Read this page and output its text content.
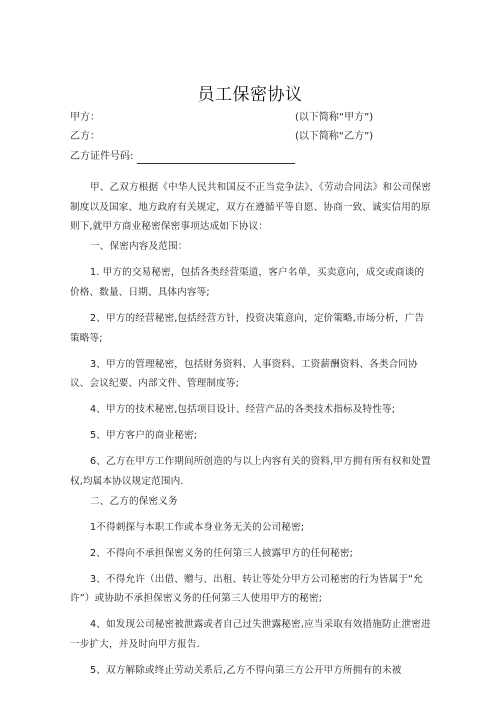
员工保密协议
甲方：	(以下简称“甲方”)
乙方：	(以下简称“乙方”)
乙方证件号码:

甲、乙双方根据《中华人民共和国反不正当竞争法》、《劳动合同法》和公司保密制度以及国家、地方政府有关规定，双方在遵循平等自愿、协商一致、诚实信用的原则下,就甲方商业秘密保密事项达成如下协议：

一、保密内容及范围：

1. 甲方的交易秘密，包括各类经营渠道，客户名单，买卖意向，成交或商谈的价格、数量、日期、具体内容等;

2、甲方的经营秘密,包括经营方针，投资决策意向，定价策略,市场分析，广告策略等;

3、甲方的管理秘密，包括财务资料、人事资料、工资薪酬资料、各类合同协议、会议纪要、内部文件、管理制度等;

4、甲方的技术秘密,包括项目设计、经营产品的各类技术指标及特性等;

5、甲方客户的商业秘密;

6、乙方在甲方工作期间所创造的与以上内容有关的资料,甲方拥有所有权和处置权,均属本协议规定范围内.

二、乙方的保密义务

1不得刺探与本职工作或本身业务无关的公司秘密;

2、不得向不承担保密义务的任何第三人披露甲方的任何秘密;

3、不得允许（出借、赠与、出租、转让等处分甲方公司秘密的行为皆属于“允许”）或协助不承担保密义务的任何第三人使用甲方的秘密;

4、如发现公司秘密被泄露或者自己过失泄露秘密,应当采取有效措施防止泄密进一步扩大，并及时向甲方报告.

5、双方解除或终止劳动关系后,乙方不得向第三方公开甲方所拥有的未被
